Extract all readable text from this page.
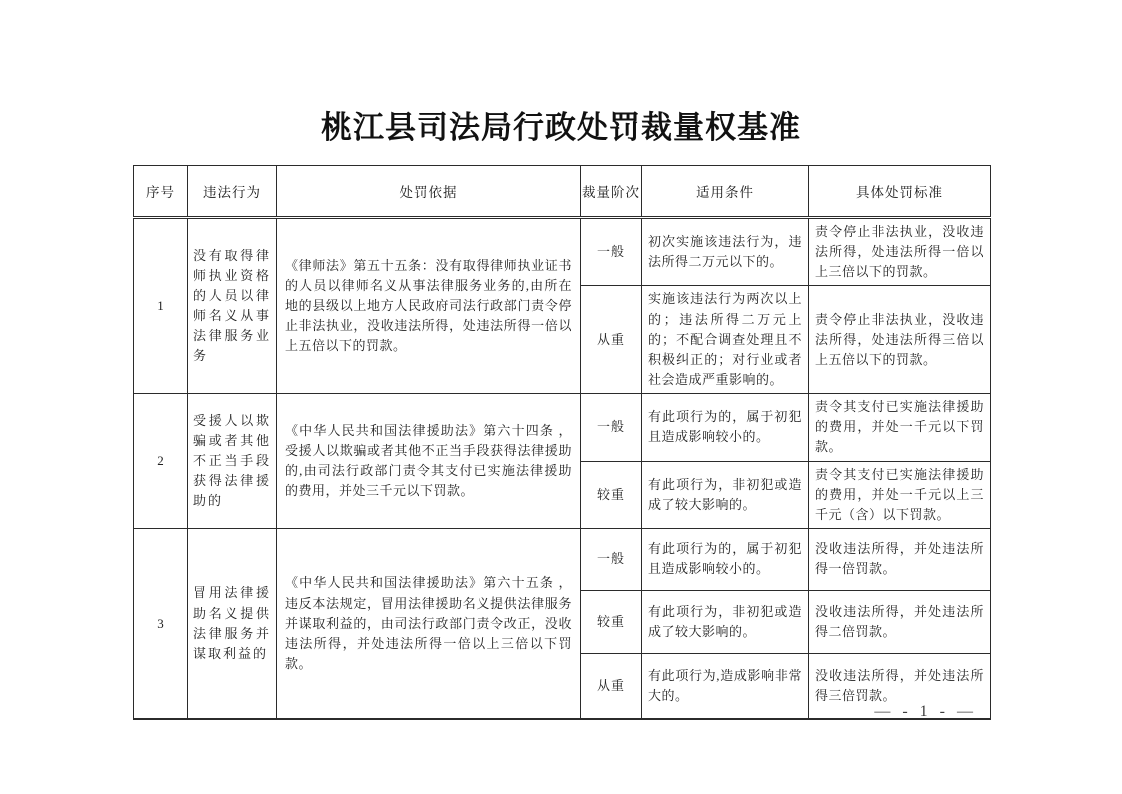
桃江县司法局行政处罚裁量权基准
序号	违法行为	处罚依据	裁量阶次	适用条件	具体处罚标准
1	没有取得律师执业资格的人员以律师名义从事法律服务业务	《律师法》第五十五条：没有取得律师执业证书的人员以律师名义从事法律服务业务的,由所在地的县级以上地方人民政府司法行政部门责令停止非法执业，没收违法所得，处违法所得一倍以上五倍以下的罚款。	一般	初次实施该违法行为，违法所得二万元以下的。	责令停止非法执业，没收违法所得，处违法所得一倍以上三倍以下的罚款。
			从重	实施该违法行为两次以上的；违法所得二万元上的；不配合调查处理且不积极纠正的；对行业或者社会造成严重影响的。	责令停止非法执业，没收违法所得，处违法所得三倍以上五倍以下的罚款。
2	受援人以欺骗或者其他不正当手段获得法律援助的	《中华人民共和国法律援助法》第六十四条 ，受援人以欺骗或者其他不正当手段获得法律援助的,由司法行政部门责令其支付已实施法律援助的费用，并处三千元以下罚款。	一般	有此项行为的，属于初犯且造成影响较小的。	责令其支付已实施法律援助的费用，并处一千元以下罚款。
			较重	有此项行为，非初犯或造成了较大影响的。	责令其支付已实施法律援助的费用，并处一千元以上三千元（含）以下罚款。
3	冒用法律援助名义提供法律服务并谋取利益的	《中华人民共和国法律援助法》第六十五条 ，违反本法规定，冒用法律援助名义提供法律服务并谋取利益的，由司法行政部门责令改正，没收违法所得，并处违法所得一倍以上三倍以下罚款。	一般	有此项行为的，属于初犯且造成影响较小的。	没收违法所得，并处违法所得一倍罚款。
			较重	有此项行为，非初犯或造成了较大影响的。	没收违法所得，并处违法所得二倍罚款。
			从重	有此项行为,造成影响非常大的。	没收违法所得，并处违法所得三倍罚款。
— - 1 - —
